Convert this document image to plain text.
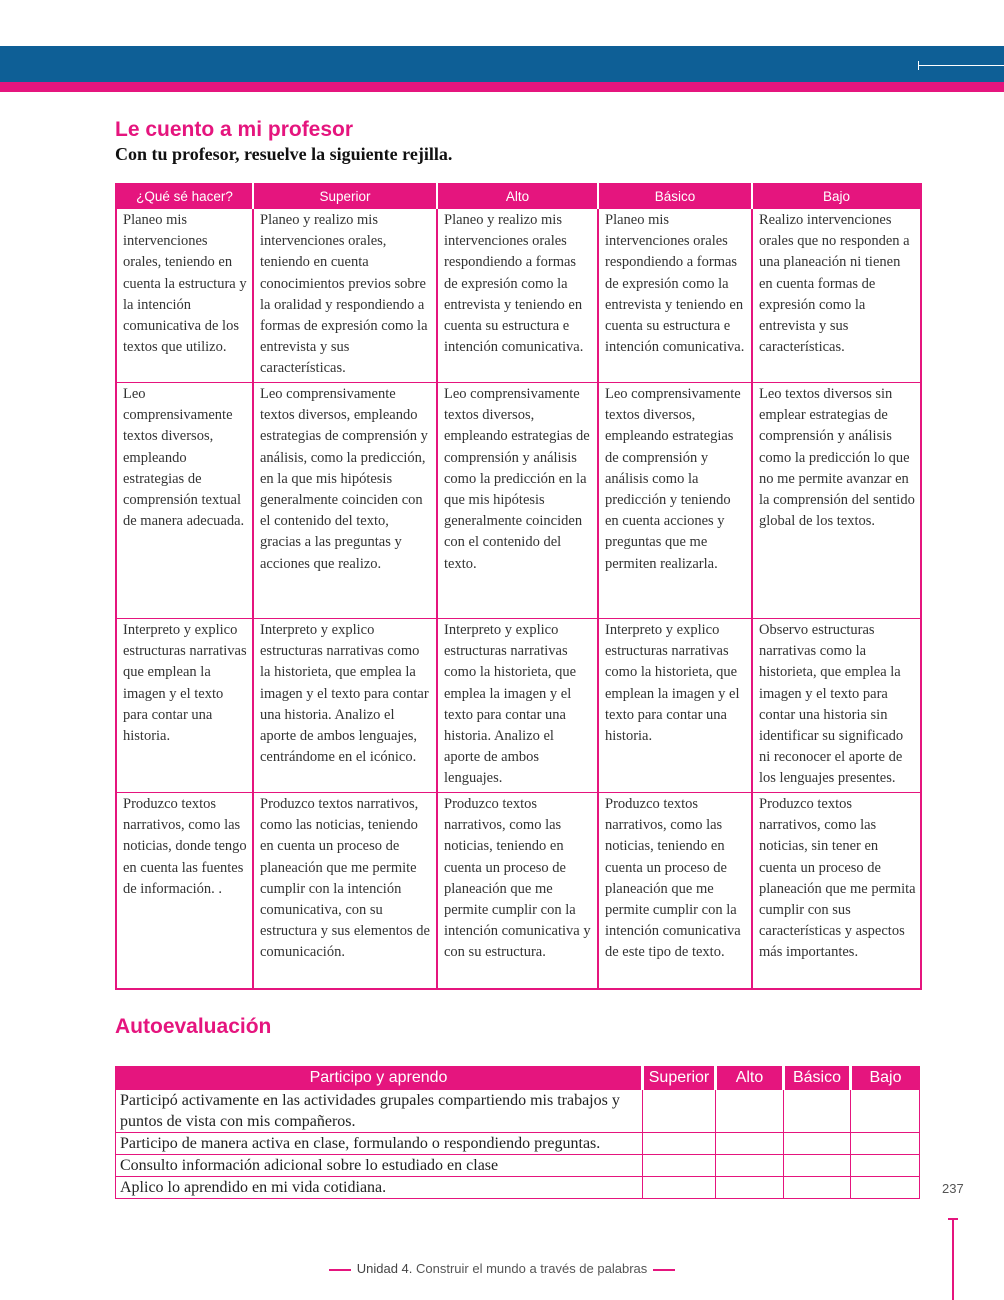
Le cuento a mi profesor

Con tu profesor, resuelve la siguiente rejilla.

¿Qué sé hacer?	Superior	Alto	Básico	Bajo
Planeo mis intervenciones orales, teniendo en cuenta la estructura y la intención comunicativa de los textos que utilizo.	Planeo y realizo mis intervenciones orales, teniendo en cuenta conocimientos previos sobre la oralidad y respondiendo a formas de expresión como la entrevista y sus características.	Planeo y realizo mis intervenciones orales respondiendo a formas de expresión como la entrevista y teniendo en cuenta su estructura e intención comunicativa.	Planeo mis intervenciones orales respondiendo a formas de expresión como la entrevista y teniendo en cuenta su estructura e intención comunicativa.	Realizo intervenciones orales que no responden a una planeación ni tienen en cuenta formas de expresión como la entrevista y sus características.
Leo comprensivamente textos diversos, empleando estrategias de comprensión textual de manera adecuada.	Leo comprensivamente textos diversos, empleando estrategias de comprensión y análisis, como la predicción, en la que mis hipótesis generalmente coinciden con el contenido del texto, gracias a las preguntas y acciones que realizo.	Leo comprensivamente textos diversos, empleando estrategias de comprensión y análisis como la predicción en la que mis hipótesis generalmente coinciden con el contenido del texto.	Leo comprensivamente textos diversos, empleando estrategias de comprensión y análisis como la predicción y teniendo en cuenta acciones y preguntas que me permiten realizarla.	Leo textos diversos sin emplear estrategias de comprensión y análisis como la predicción lo que no me permite avanzar en la comprensión del sentido global de los textos.
Interpreto y explico estructuras narrativas que emplean la imagen y el texto para contar una historia.	Interpreto y explico estructuras narrativas como la historieta, que emplea la imagen y el texto para contar una historia. Analizo el aporte de ambos lenguajes, centrándome en el icónico.	Interpreto y explico estructuras narrativas como la historieta, que emplea la imagen y el texto para contar una historia. Analizo el aporte de ambos lenguajes.	Interpreto y explico estructuras narrativas como la historieta, que emplean la imagen y el texto para contar una historia.	Observo estructuras narrativas como la historieta, que emplea la imagen y el texto para contar una historia sin identificar su significado ni reconocer el aporte de los lenguajes presentes.
Produzco textos narrativos, como las noticias, donde tengo en cuenta las fuentes de información. .	Produzco textos narrativos, como las noticias, teniendo en cuenta un proceso de planeación que me permite cumplir con la intención comunicativa, con su estructura y sus elementos de comunicación.	Produzco textos narrativos, como las noticias, teniendo en cuenta un proceso de planeación que me permite cumplir con la intención comunicativa y con su estructura.	Produzco textos narrativos, como las noticias, teniendo en cuenta un proceso de planeación que me permite cumplir con la intención comunicativa de este tipo de texto.	Produzco textos narrativos, como las noticias, sin tener en cuenta un proceso de planeación que me permita cumplir con sus características y aspectos más importantes.
Autoevaluación
Participo y aprendo	Superior	Alto	Básico	Bajo
Participó activamente en las actividades grupales compartiendo mis trabajos y puntos de vista con mis compañeros.				
Participo de manera activa en clase, formulando o respondiendo preguntas.				
Consulto información adicional sobre lo estudiado en clase				
Aplico lo aprendido en mi vida cotidiana.					237
Unidad 4. Construir el mundo a través de palabras
